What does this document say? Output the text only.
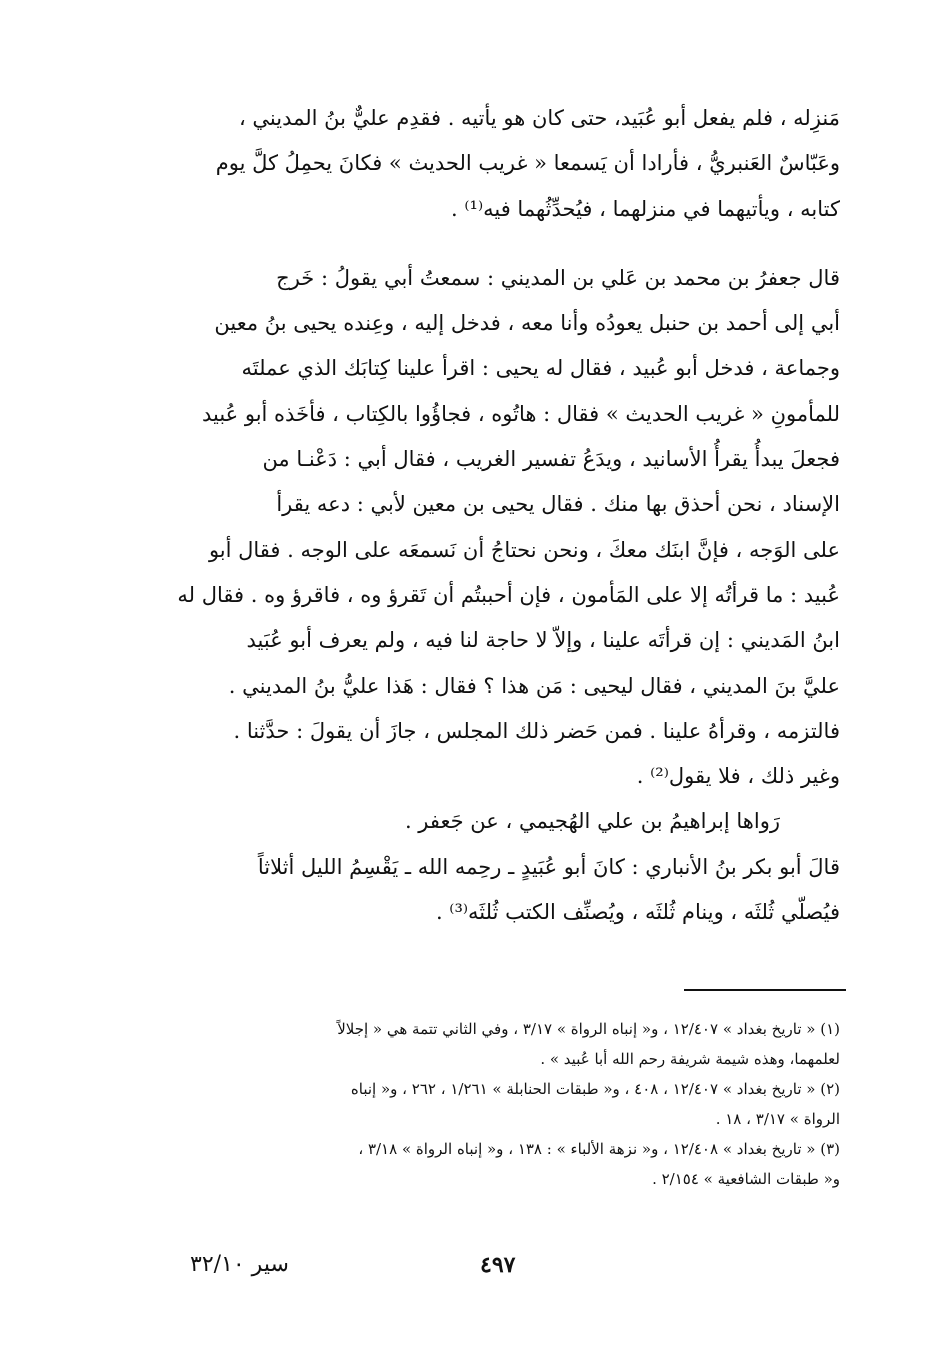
مَنزِله ، فلم يفعل أبو عُبَيد، حتى كان هو يأتيه . فقدِم عليٌّ بنُ المديني ،
وعَبّاسٌ العَنبريُّ ، فأرادا أن يَسمعا « غريب الحديث » فكانَ يحمِلُ كلَّ يوم
كتابه ، ويأتيهما في منزلهما ، فيُحدِّثُهما فيه⁽¹⁾ .
قال جعفرُ بن محمد بن عَلي بن المديني : سمعتُ أبي يقولُ : خَرج
أبي إلى أحمد بن حنبل يعودُه وأنا معه ، فدخل إليه ، وعِنده يحيى بنُ معين
وجماعة ، فدخل أبو عُبيد ، فقال له يحيى : اقرأ علينا كِتابَك الذي عملتَه
للمأمونِ « غريب الحديث » فقال : هاتُوه ، فجاؤُوا بالكِتاب ، فأخَذه أبو عُبيد
فجعلَ يبدأُ يقرأُ الأسانيد ، ويدَعُ تفسير الغريب ، فقال أبي : دَعْنـا من
الإسناد ، نحن أحذق بها منك . فقال يحيى بن معين لأبي : دعه يقرأ
على الوَجه ، فإنَّ ابنَك معكَ ، ونحن نحتاجُ أن نَسمعَه على الوجه . فقال أبو
عُبيد : ما قرأتُه إلا على المَأمون ، فإن أحببتُم أن تَقرؤ وه ، فاقرؤ وه . فقال له
ابنُ المَديني : إن قرأتَه علينا ، وإلاّ لا حاجة لنا فيه ، ولم يعرف أبو عُبَيد
عليَّ بنَ المديني ، فقال ليحيى : مَن هذا ؟ فقال : هَذا عليُّ بنُ المديني .
فالتزمه ، وقرأهُ علينا . فمن حَضر ذلك المجلس ، جازَ أن يقولَ : حدَّثنا .
وغير ذلك ، فلا يقول⁽²⁾ .
رَواها إبراهيمُ بن علي الهُجيمي ، عن جَعفر .
قالَ أبو بكر بنُ الأنباري : كانَ أبو عُبَيدٍ ـ رحِمه الله ـ يَقْسِمُ الليل أثلاثاً
فيُصلّي ثُلثَه ، وينام ثُلثَه ، ويُصنِّف الكتب ثُلثَه⁽³⁾ .
(١) « تاريخ بغداد » ١٢/٤٠٧ ، و« إنباه الرواة » ٣/١٧ ، وفي الثاني تتمة هي « إجلالاً
لعلمهما، وهذه شيمة شريفة رحم الله أبا عُبيد » .
(٢) « تاريخ بغداد » ١٢/٤٠٧ ، ٤٠٨ ، و« طبقات الحنابلة » ١/٢٦١ ، ٢٦٢ ، و« إنباه
الرواة » ٣/١٧ ، ١٨ .
(٣) « تاريخ بغداد » ١٢/٤٠٨ ، و« نزهة الألباء » : ١٣٨ ، و« إنباه الرواة » ٣/١٨ ،
و« طبقات الشافعية » ٢/١٥٤ .
٤٩٧
سير ٣٢/١٠
